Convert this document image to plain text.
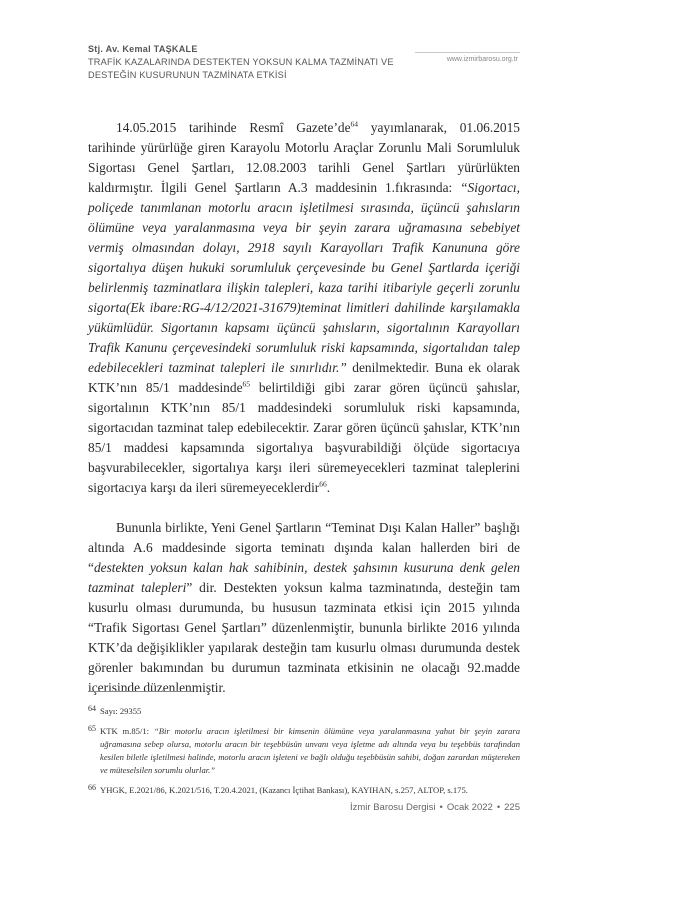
Stj. Av. Kemal TAŞKALE
TRAFİK KAZALARINDA DESTEKTEN YOKSUN KALMA TAZMİNATI VE
DESTEĞİN KUSURUNUN TAZMİNATA ETKİSİ
www.izmirbarosu.org.tr

14.05.2015 tarihinde Resmî $Gazete’de^{64}$ yayımlanarak, 01.06.2015 tarihinde yürürlüğe giren Karayolu Motorlu Araçlar Zorunlu Mali Sorumluluk Sigortası Genel Şartları, 12.08.2003 tarihli Genel Şartları yürürlükten kaldırmıştır. İlgili Genel Şartların A.3 maddesinin 1.fıkrasında: “Sigortacı, poliçede tanımlanan motorlu aracın işletilmesi sırasında, üçüncü şahısların ölümüne veya yaralanmasına veya bir şeyin zarara uğramasına sebebiyet vermiş olmasından dolayı, 2918 sayılı Karayolları Trafik Kanununa göre sigortalıya düşen hukuki sorumluluk çerçevesinde bu Genel Şartlarda içeriği belirlenmiş tazminatlara ilişkin talepleri, kaza tarihi itibariyle geçerli zorunlu sigorta(Ek ibare:RG-4/12/2021-31679)teminat limitleri dahilinde karşılamakla yükümlüdür. Sigortanın kapsamı üçüncü şahısların, sigortalının Karayolları Trafik Kanunu çerçevesindeki sorumluluk riski kapsamında, sigortalıdan talep edebilecekleri tazminat talepleri ile sınırlıdır.” denilmektedir. Buna ek olarak KTK’nın 85/1 maddesinde$^{65}$ belirtildiği gibi zarar gören üçüncü şahıslar, sigortalının KTK’nın 85/1 maddesindeki sorumluluk riski kapsamında, sigortacıdan tazminat talep edebilecektir. Zarar gören üçüncü şahıslar, KTK’nın 85/1 maddesi kapsamında sigortalıya başvurabildiği ölçüde sigortacıya başvurabilecekler, sigortalıya karşı ileri süremeyecekleri tazminat taleplerini sigortacıya karşı da ileri süremeyeceklerdir$^{66}$.

Bununla birlikte, Yeni Genel Şartların “Teminat Dışı Kalan Haller” başlığı altında A.6 maddesinde sigorta teminatı dışında kalan hallerden biri de “destekten yoksun kalan hak sahibinin, destek şahsının kusuruna denk gelen tazminat talepleri” dir. Destekten yoksun kalma tazminatında, desteğin tam kusurlu olması durumunda, bu hususun tazminata etkisi için 2015 yılında “Trafik Sigortası Genel Şartları” düzenlenmiştir, bununla birlikte 2016 yılında KTK’da değişiklikler yapılarak desteğin tam kusurlu olması durumunda destek görenler bakımından bu durumun tazminata etkisinin ne olacağı 92.madde içerisinde düzenlenmiştir.

64 Sayı: 29355
65 KTK m.85/1: “Bir motorlu aracın işletilmesi bir kimsenin ölümüne veya yaralanmasına yahut bir şeyin zarara uğramasına sebep olursa, motorlu aracın bir teşebbüsün unvanı veya işletme adı altında veya bu teşebbüs tarafından kesilen biletle işletilmesi halinde, motorlu aracın işleteni ve bağlı olduğu teşebbüsün sahibi, doğan zarardan müştereken ve müteselsilen sorumlu olurlar.”
66 YHGK, E.2021/86, K.2021/516, T.20.4.2021, (Kazancı İçtihat Bankası), KAYIHAN, s.257, ALTOP, s.175.
İzmir Barosu Dergisi • Ocak 2022 • 225
